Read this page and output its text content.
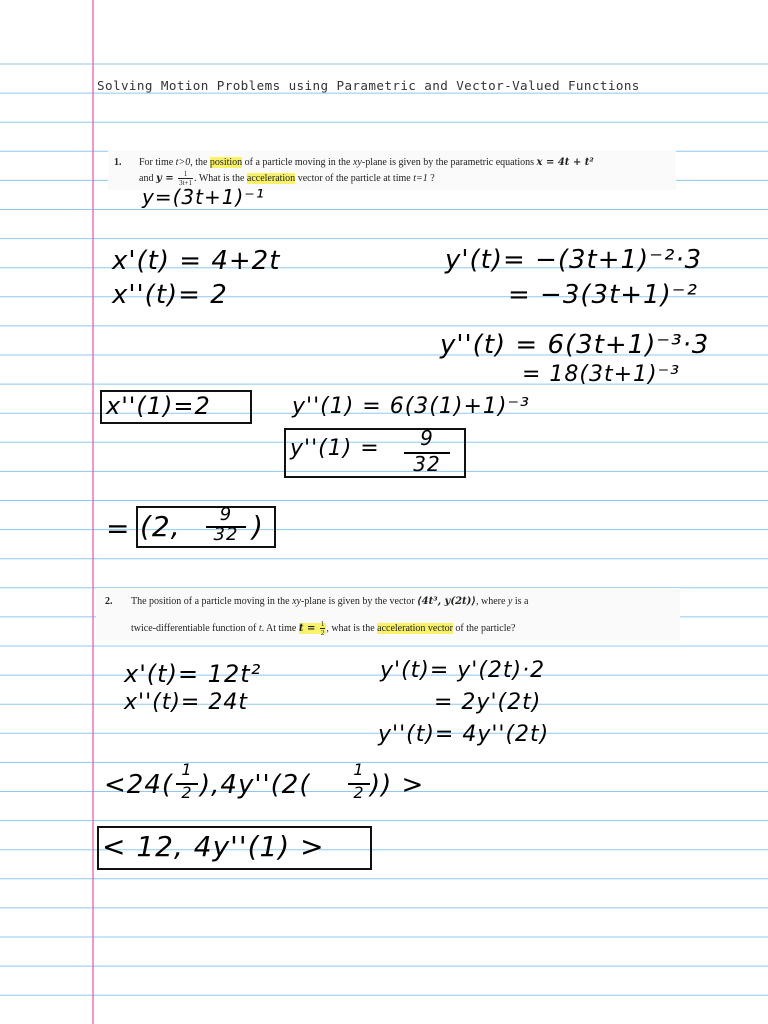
Solving Motion Problems using Parametric and Vector-Valued Functions
1. For time t>0, the position of a particle moving in the xy-plane is given by the parametric equations x = 4t + t²
and $y = \frac{1}{3t+1}$ . What is the acceleration vector of the particle at time t=1 ?
2. The position of a particle moving in the xy-plane is given by the vector ⟨4t³, y(2t)⟩, where y is a
twice-differentiable function of t. At time $t = \frac{1}{2}$ , what is the acceleration vector of the particle?
y=(3t+1)⁻¹
x'(t) = 4+2t
x''(t)= 2
y'(t)= −(3t+1)⁻²·3
= −3(3t+1)⁻²
y''(t) = 6(3t+1)⁻³·3
= 18(3t+1)⁻³
x''(1)=2	y''(1) = 6(3(1)+1)⁻³
y''(1) =	9
32
= (2,	9
32 )
x'(t)= 12t²
x''(t)= 24t
y'(t)= y'(2t)·2
= 2y'(2t)
y''(t)= 4y''(2t)
<24(
1
2 ),4y''(2(
1
2 )) >
< 12, 4y''(1) >
